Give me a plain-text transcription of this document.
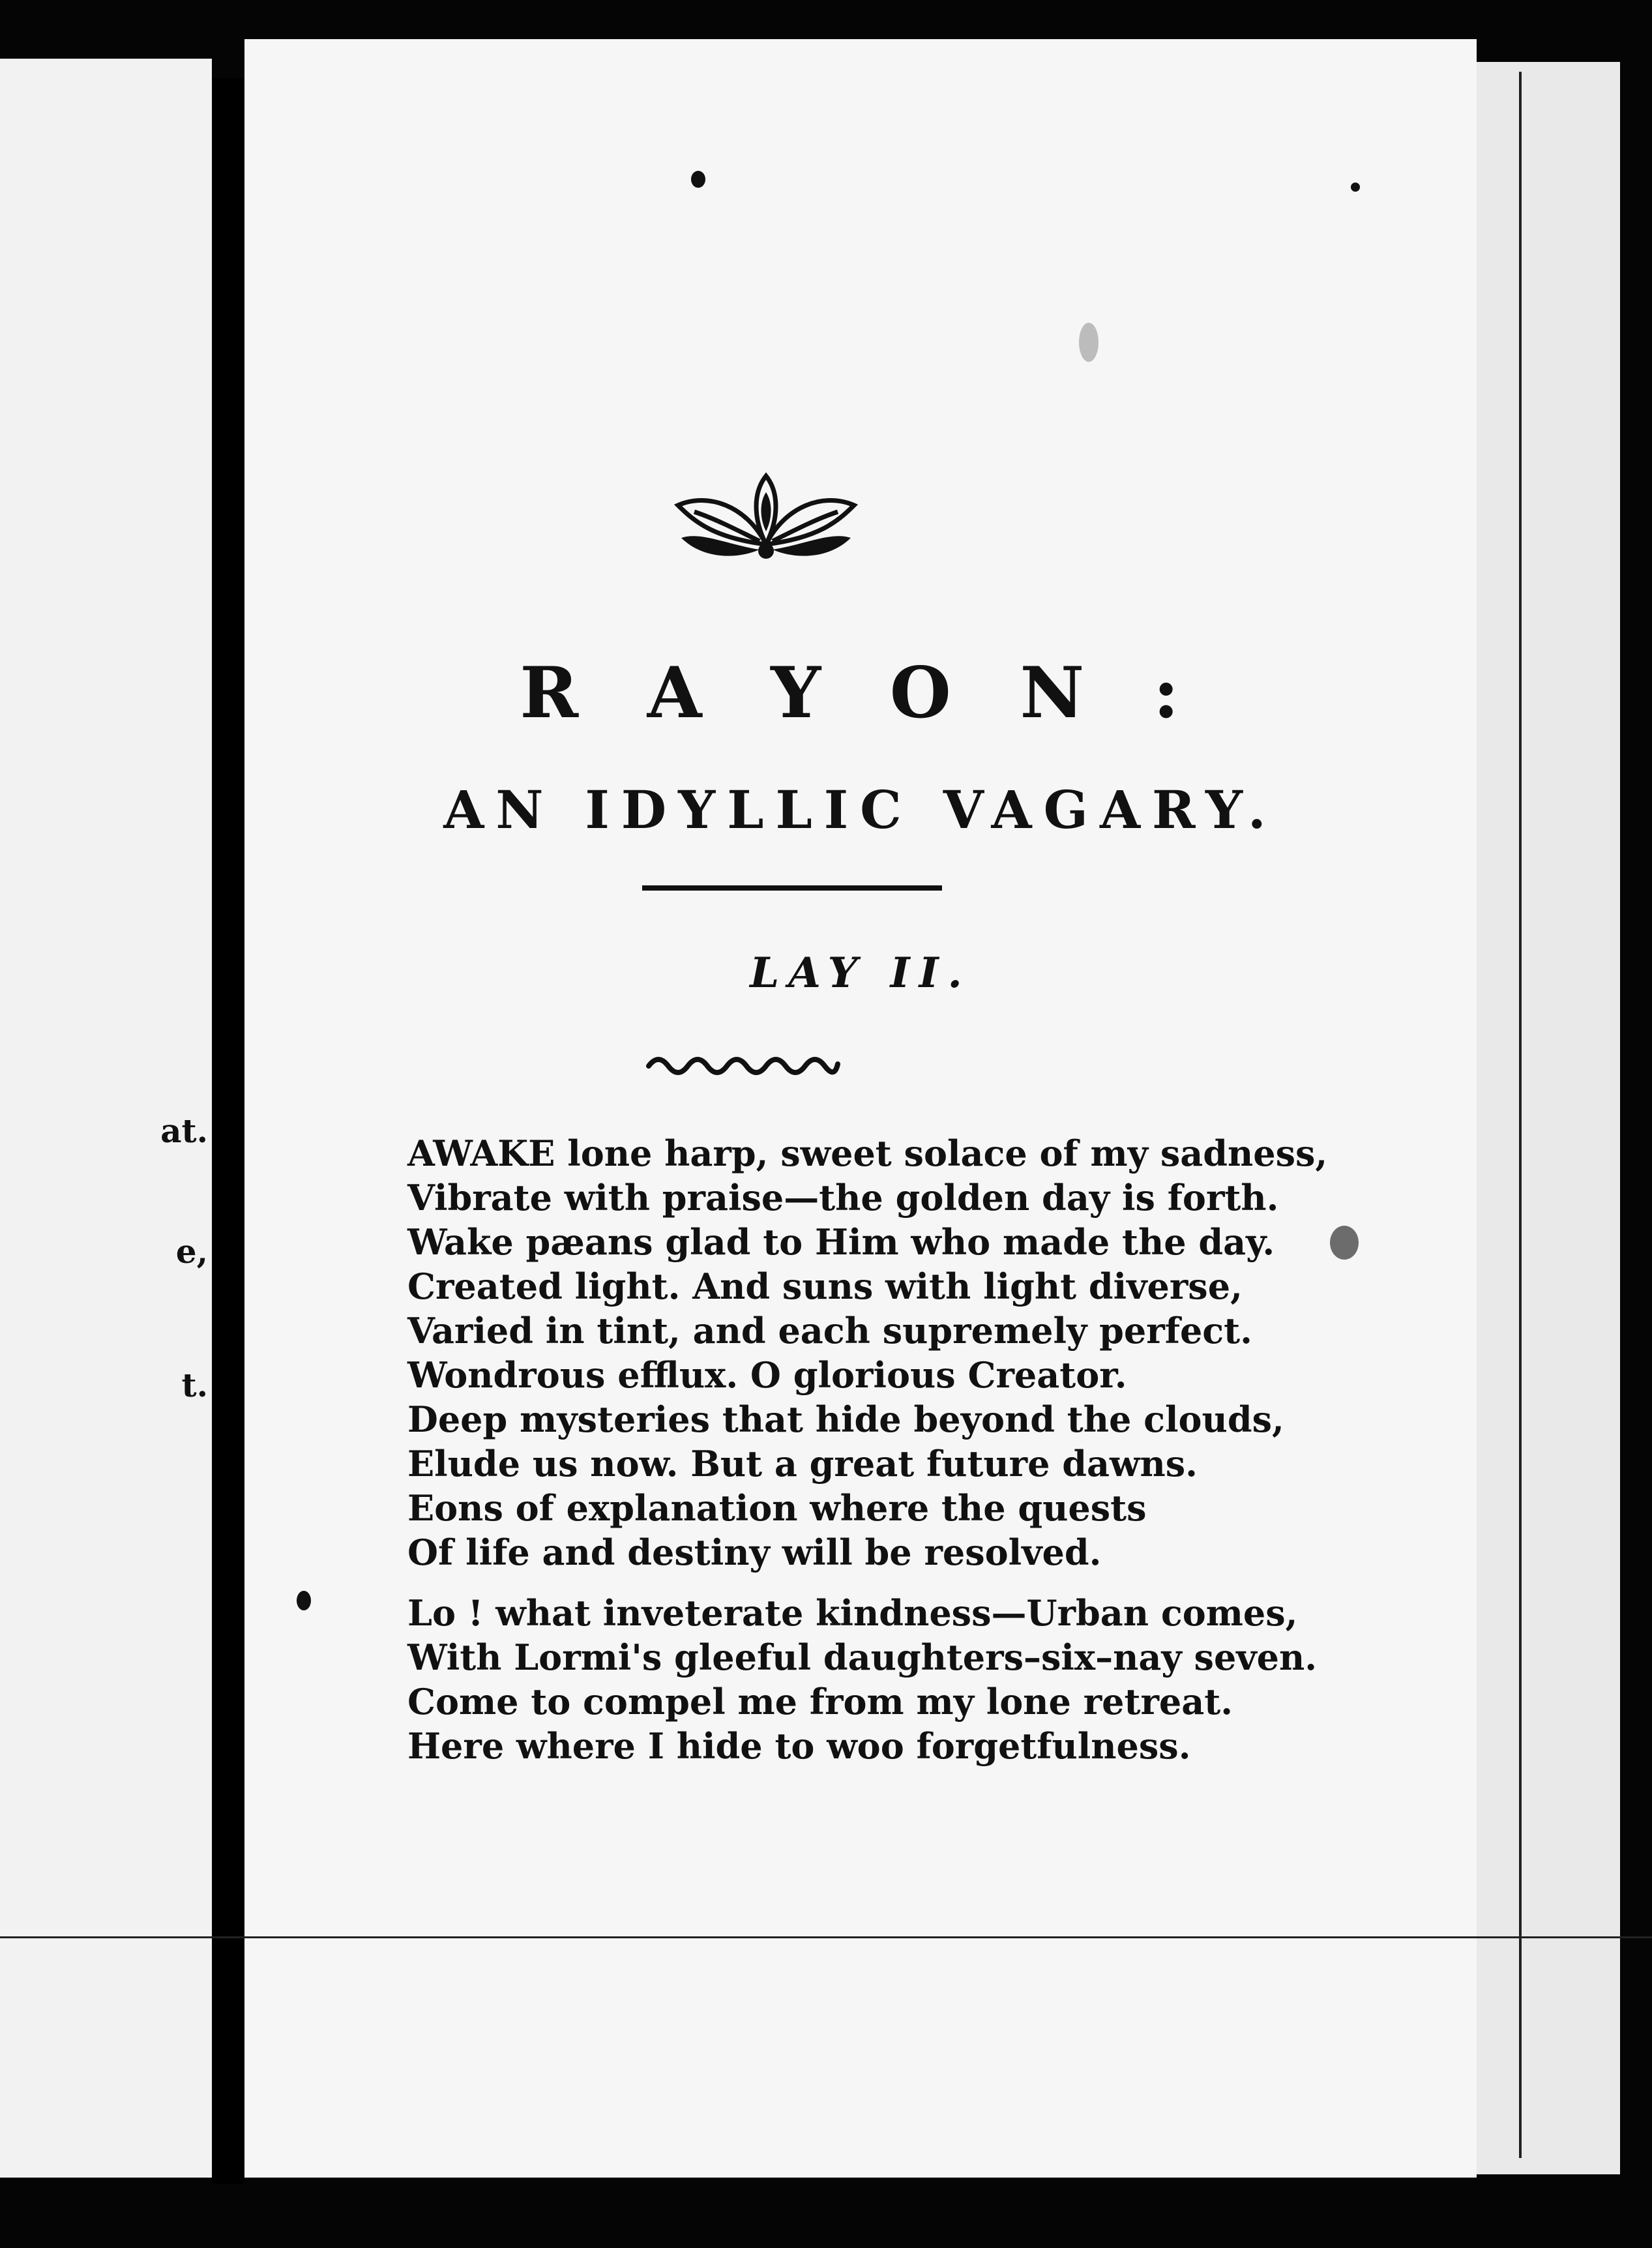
at.
e,
t.
R A Y O N :
AN IDYLLIC VAGARY.
LAY II.
AWAKE lone harp, sweet solace of my sadness,
Vibrate with praise—the golden day is forth.
Wake pæans glad to Him who made the day.
Created light. And suns with light diverse,
Varied in tint, and each supremely perfect.
Wondrous efflux. O glorious Creator.
Deep mysteries that hide beyond the clouds,
Elude us now. But a great future dawns.
Eons of explanation where the quests
Of life and destiny will be resolved.
Lo ! what inveterate kindness—Urban comes,
With Lormi's gleeful daughters–six–nay seven.
Come to compel me from my lone retreat.
Here where I hide to woo forgetfulness.
